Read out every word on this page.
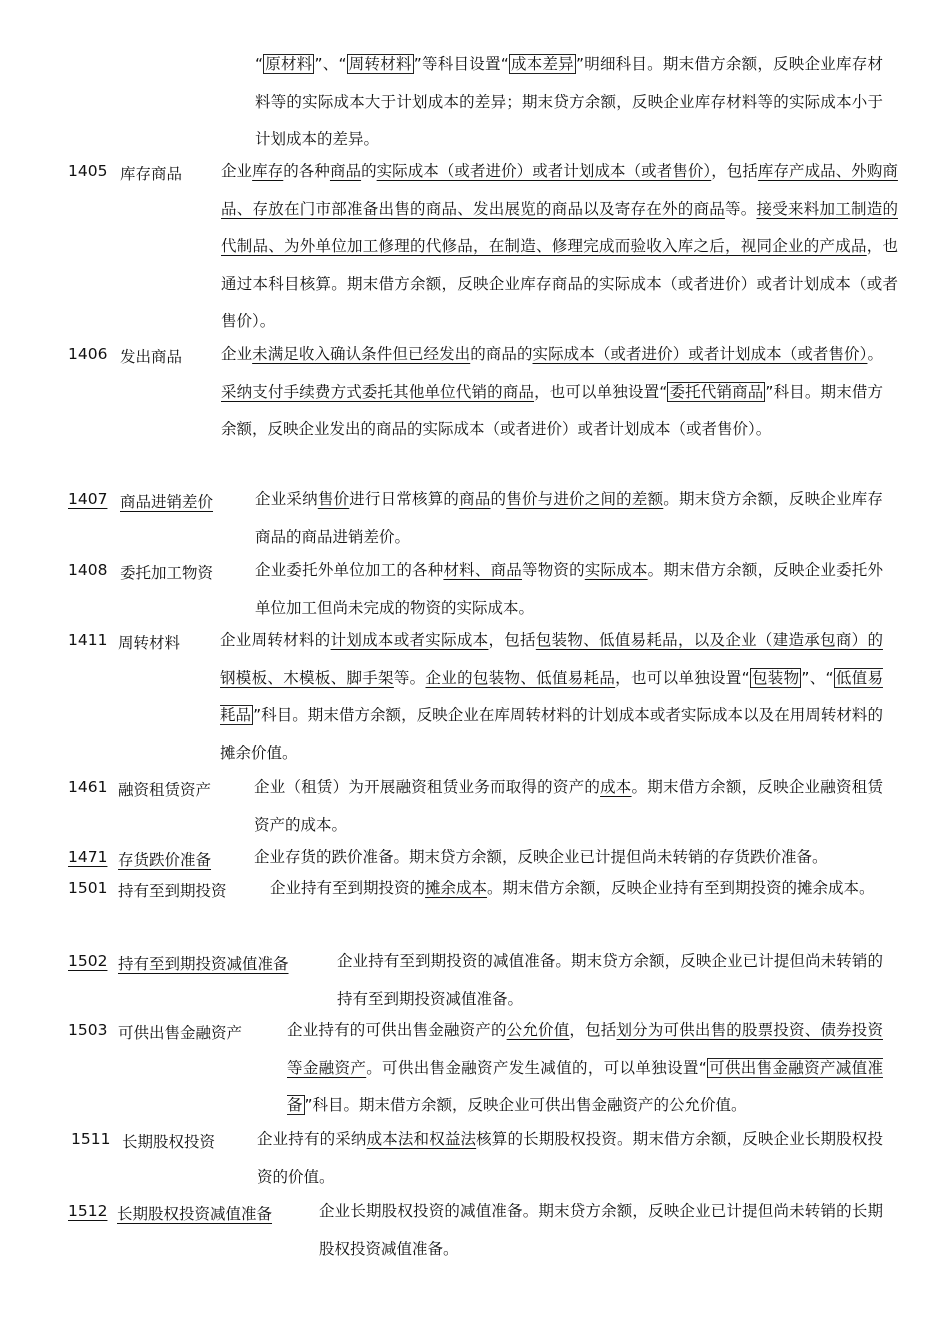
“ 原材料 ”、“ 周转材料 ”等科目设置“ 成本差异 ”明细科目。期末借方余额，反映企业库存材料等的实际成本大于计划成本的差异；期末贷方余额，反映企业库存材料等的实际成本小于计划成本的差异。
1405 库存商品	企业库存的各种商品的实际成本（或者进价）或者计划成本（或者售价），包括库存产成品、外购商品、存放在门市部准备出售的商品、发出展览的商品以及寄存在外的商品等。接受来料加工制造的代制品、为外单位加工修理的代修品，在制造、修理完成而验收入库之后，视同企业的产成品，也通过本科目核算。期末借方余额，反映企业库存商品的实际成本（或者进价）或者计划成本（或者售价）。
1406 发出商品	企业未满足收入确认条件但已经发出的商品的实际成本（或者进价）或者计划成本（或者售价）。采纳支付手续费方式委托其他单位代销的商品，也可以单独设置“ 委托代销商品 ”科目。期末借方余额，反映企业发出的商品的实际成本（或者进价）或者计划成本（或者售价）。
1407 商品进销差价	企业采纳售价进行日常核算的商品的售价与进价之间的差额。期末贷方余额，反映企业库存商品的商品进销差价。
1408 委托加工物资	企业委托外单位加工的各种材料、商品等物资的实际成本。期末借方余额，反映企业委托外单位加工但尚未完成的物资的实际成本。
1411 周转材料	企业周转材料的计划成本或者实际成本，包括包装物、低值易耗品，以及企业（建造承包商）的钢模板、木模板、脚手架等。企业的包装物、低值易耗品，也可以单独设置“ 包装物 ”、“ 低值易耗品 ”科目。期末借方余额，反映企业在库周转材料的计划成本或者实际成本以及在用周转材料的摊余价值。
1461 融资租赁资产	企业（租赁）为开展融资租赁业务而取得的资产的成本。期末借方余额，反映企业融资租赁资产的成本。
1471 存货跌价准备	企业存货的跌价准备。期末贷方余额，反映企业已计提但尚未转销的存货跌价准备。
1501 持有至到期投资	企业持有至到期投资的摊余成本。期末借方余额，反映企业持有至到期投资的摊余成本。
1502 持有至到期投资减值准备	企业持有至到期投资的减值准备。期末贷方余额，反映企业已计提但尚未转销的持有至到期投资减值准备。
1503 可供出售金融资产	企业持有的可供出售金融资产的公允价值，包括划分为可供出售的股票投资、债券投资等金融资产。可供出售金融资产发生减值的，可以单独设置“ 可供出售金融资产减值准备 ”科目。期末借方余额，反映企业可供出售金融资产的公允价值。
1511 长期股权投资	企业持有的采纳成本法和权益法核算的长期股权投资。期末借方余额，反映企业长期股权投资的价值。
1512 长期股权投资减值准备	企业长期股权投资的减值准备。期末贷方余额，反映企业已计提但尚未转销的长期股权投资减值准备。
